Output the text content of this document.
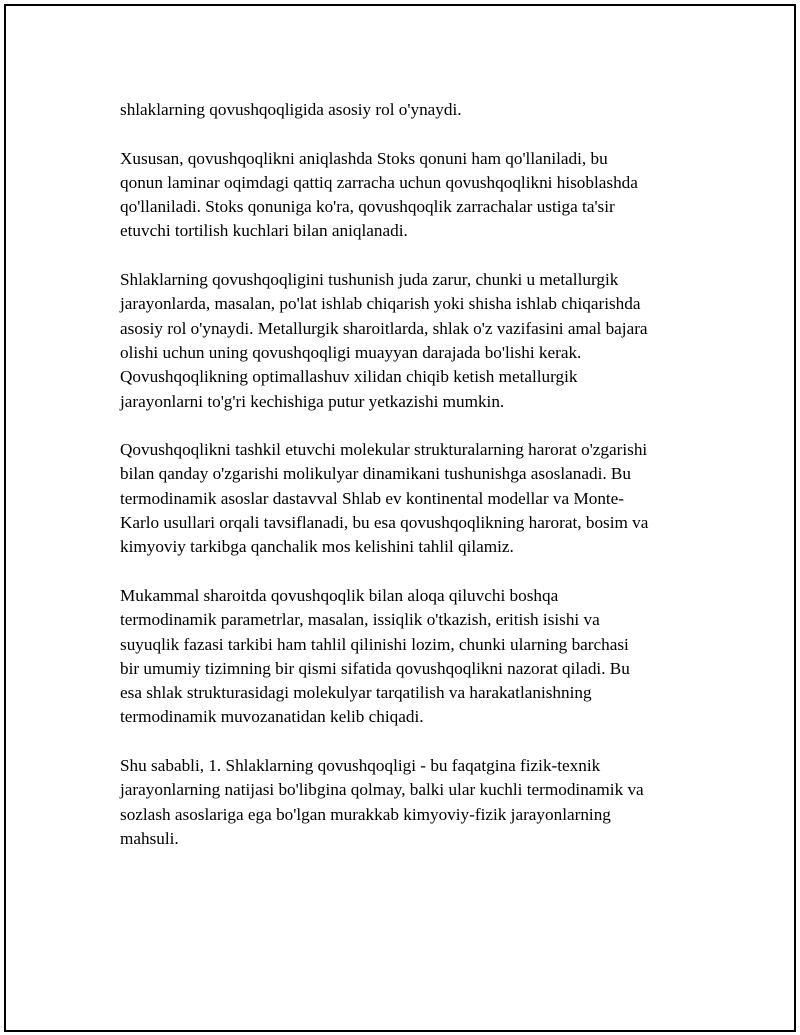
shlaklarning qovushqoqligida asosiy rol o'ynaydi.

Xususan, qovushqoqlikni aniqlashda Stoks qonuni ham qo'llaniladi, bu
qonun laminar oqimdagi qattiq zarracha uchun qovushqoqlikni hisoblashda
qo'llaniladi. Stoks qonuniga ko'ra, qovushqoqlik zarrachalar ustiga ta'sir
etuvchi tortilish kuchlari bilan aniqlanadi.

Shlaklarning qovushqoqligini tushunish juda zarur, chunki u metallurgik
jarayonlarda, masalan, po'lat ishlab chiqarish yoki shisha ishlab chiqarishda
asosiy rol o'ynaydi. Metallurgik sharoitlarda, shlak o'z vazifasini amal bajara
olishi uchun uning qovushqoqligi muayyan darajada bo'lishi kerak.
Qovushqoqlikning optimallashuv xilidan chiqib ketish metallurgik
jarayonlarni to'g'ri kechishiga putur yetkazishi mumkin.

Qovushqoqlikni tashkil etuvchi molekular strukturalarning harorat o'zgarishi
bilan qanday o'zgarishi molikulyar dinamikani tushunishga asoslanadi. Bu
termodinamik asoslar dastavval Shlab ev kontinental modellar va Monte-
Karlo usullari orqali tavsiflanadi, bu esa qovushqoqlikning harorat, bosim va
kimyoviy tarkibga qanchalik mos kelishini tahlil qilamiz.

Mukammal sharoitda qovushqoqlik bilan aloqa qiluvchi boshqa
termodinamik parametrlar, masalan, issiqlik o'tkazish, eritish isishi va
suyuqlik fazasi tarkibi ham tahlil qilinishi lozim, chunki ularning barchasi
bir umumiy tizimning bir qismi sifatida qovushqoqlikni nazorat qiladi. Bu
esa shlak strukturasidagi molekulyar tarqatilish va harakatlanishning
termodinamik muvozanatidan kelib chiqadi.

Shu sababli, 1. Shlaklarning qovushqoqligi - bu faqatgina fizik-texnik
jarayonlarning natijasi bo'libgina qolmay, balki ular kuchli termodinamik va
sozlash asoslariga ega bo'lgan murakkab kimyoviy-fizik jarayonlarning
mahsuli.
